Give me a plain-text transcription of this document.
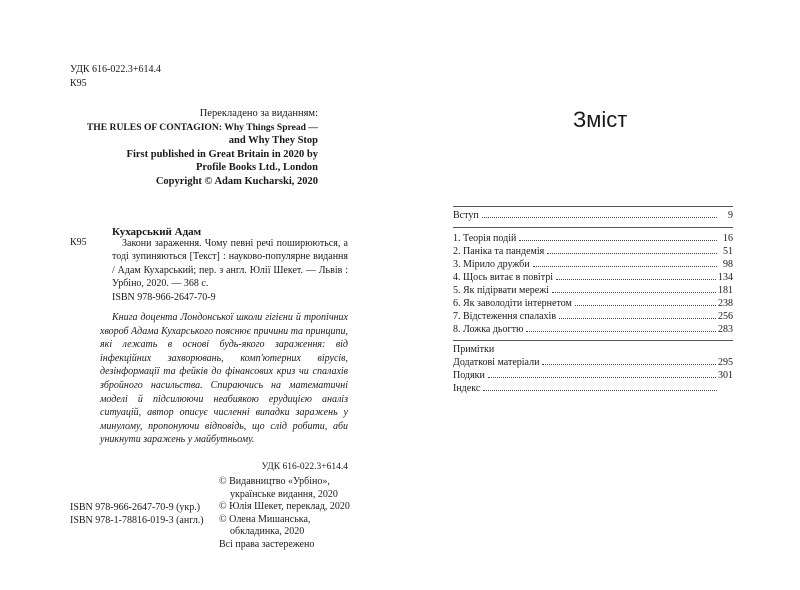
УДК 616-022.3+614.4
К95
Перекладено за виданням:
THE RULES OF CONTAGION: Why Things Spread —
and Why They Stop
First published in Great Britain in 2020 by
Profile Books Ltd., London
Copyright © Adam Kucharski, 2020
Кухарський Адам
К95	Закони зараження. Чому певні речі поширюються, а тоді зупиняються [Текст] : науково-популярне видання / Адам Кухарський; пер. з англ. Юлії Шекет. — Львів : Урбіно, 2020. — 368 с.

ISBN 978-966-2647-70-9

Книга доцента Лондонської школи гігієни й тропічних хвороб Адама Кухарського пояснює причини та принципи, які лежать в основі будь-якого зараження: від інфекційних захворювань, комп'ютерних вірусів, дезінформації та фейків до фінансових криз чи спалахів збройного насильства. Спираючись на математичні моделі й підсилюючи неабиякою ерудицією аналіз ситуацій, автор описує численні випадки заражень у минулому, пропонуючи відповідь, що слід робити, аби уникнути заражень у майбутньому.

УДК 616-022.3+614.4
© Видавництво «Урбіно»,
українське видання, 2020
© Юлія Шекет, переклад, 2020
© Олена Мишанська,
обкладинка, 2020
Всі права застережено
ISBN 978-966-2647-70-9 (укр.)
ISBN 978-1-78816-019-3 (англ.)
Зміст
Вступ	9
1. Теорія подій	16
2. Паніка та пандемія	51
3. Мірило дружби	98
4. Щось витає в повітрі	134
5. Як підірвати мережі	181
6. Як заволодіти інтернетом	238
7. Відстеження спалахів	256
8. Ложка дьогтю	283
Примітки
Додаткові матеріали	295
Подяки	301
Індекс
